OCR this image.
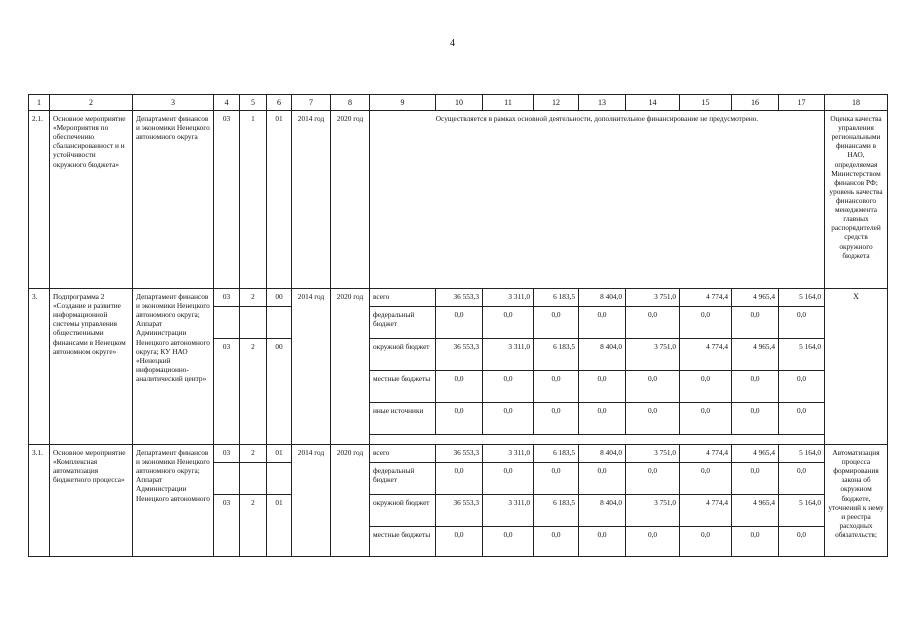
4
1	2	3	4	5	6	7	8	9	10	11	12	13	14	15	16	17	18
2.1.	Основное мероприятие «Мероприятия по обеспечению сбалансированност и и устойчивости окружного бюджета»	Департамент финансов и экономики Ненецкого автономного округа	03	1	01	2014 год	2020 год	Осуществляется в рамках основной деятельности, дополнительное финансирование не предусмотрено.									Оценка качества управления региональными финансами в НАО, определяемая Министерством финансов РФ; уровень качества финансового менеджмента главных распорядителей средств окружного бюджета
3.	Подпрограмма 2 «Создание и развитие информационной системы управления общественными финансами в Ненецком автономном округе»	Департамент финансов и экономики Ненецкого автономного округа; Аппарат Администрации Ненецкого автономного округа; КУ НАО «Ненецкий информационно-аналитический центр»	03	2	00	2014 год	2020 год	всего	36 553,3	3 311,0	6 183,5	8 404,0	3 751,0	4 774,4	4 965,4	5 164,0	Х
								федеральный бюджет	0,0	0,0	0,0	0,0	0,0	0,0	0,0	0,0	
			03	2	00			окружной бюджет	36 553,3	3 311,0	6 183,5	8 404,0	3 751,0	4 774,4	4 965,4	5 164,0	
								местные бюджеты	0,0	0,0	0,0	0,0	0,0	0,0	0,0	0,0	
								иные источники	0,0	0,0	0,0	0,0	0,0	0,0	0,0	0,0	

3.1.	Основное мероприятие «Комплексная автоматизация бюджетного процесса»	Департамент финансов и экономики Ненецкого автономного округа; Аппарат Администрации Ненецкого автономного	03	2	01	2014 год	2020 год	всего	36 553,3	3 311,0	6 183,5	8 404,0	3 751,0	4 774,4	4 965,4	5 164,0	Автоматизация процесса формирования закона об окружном бюджете, уточнений к нему и реестра расходных обязательств;
								федеральный бюджет	0,0	0,0	0,0	0,0	0,0	0,0	0,0	0,0	
			03	2	01			окружной бюджет	36 553,3	3 311,0	6 183,5	8 404,0	3 751,0	4 774,4	4 965,4	5 164,0	
								местные бюджеты	0,0	0,0	0,0	0,0	0,0	0,0	0,0	0,0	
